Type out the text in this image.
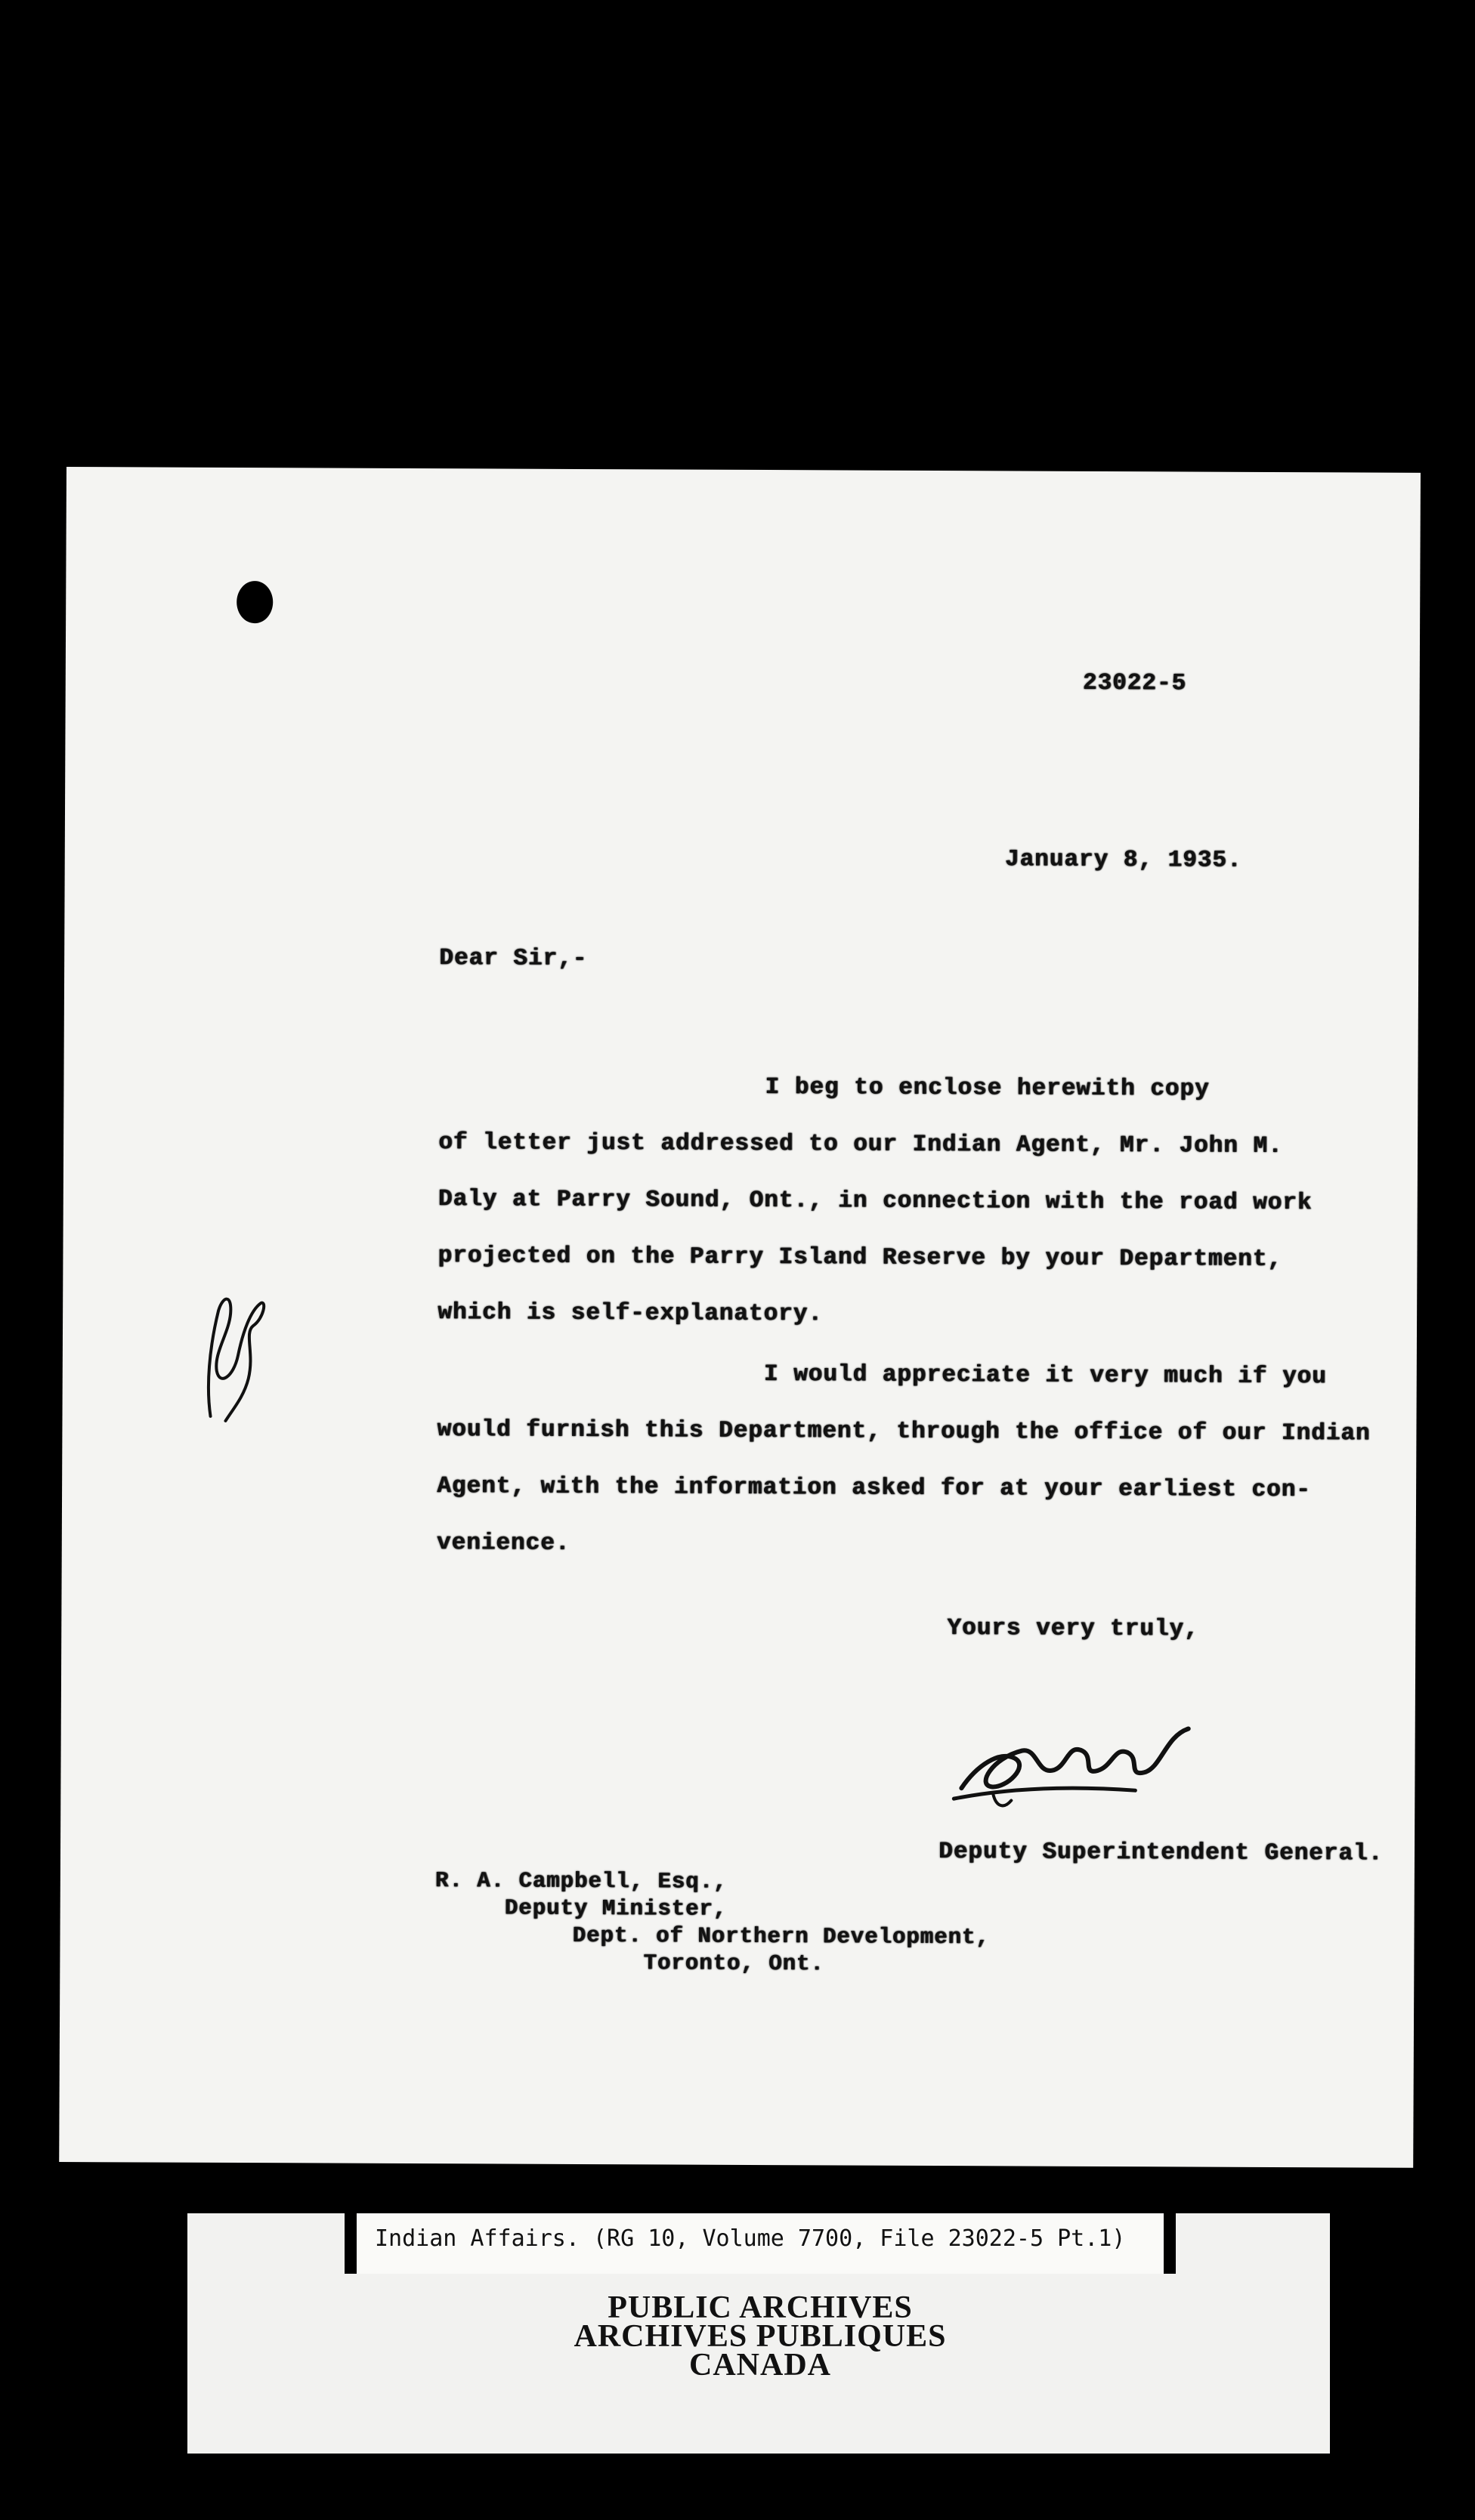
23022-5
January 8, 1935.
Dear Sir,-
I beg to enclose herewith copy
of letter just addressed to our Indian Agent, Mr. John M.
Daly at Parry Sound, Ont., in connection with the road work
projected on the Parry Island Reserve by your Department,
which is self-explanatory.
I would appreciate it very much if you
would furnish this Department, through the office of our Indian
Agent, with the information asked for at your earliest con-
venience.
Yours very truly,
Deputy Superintendent General.
R. A. Campbell, Esq.,
Deputy Minister,
Dept. of Northern Development,
Toronto, Ont.
Indian Affairs. (RG 10, Volume 7700, File 23022-5 Pt.1)
PUBLIC ARCHIVES
ARCHIVES PUBLIQUES
CANADA
